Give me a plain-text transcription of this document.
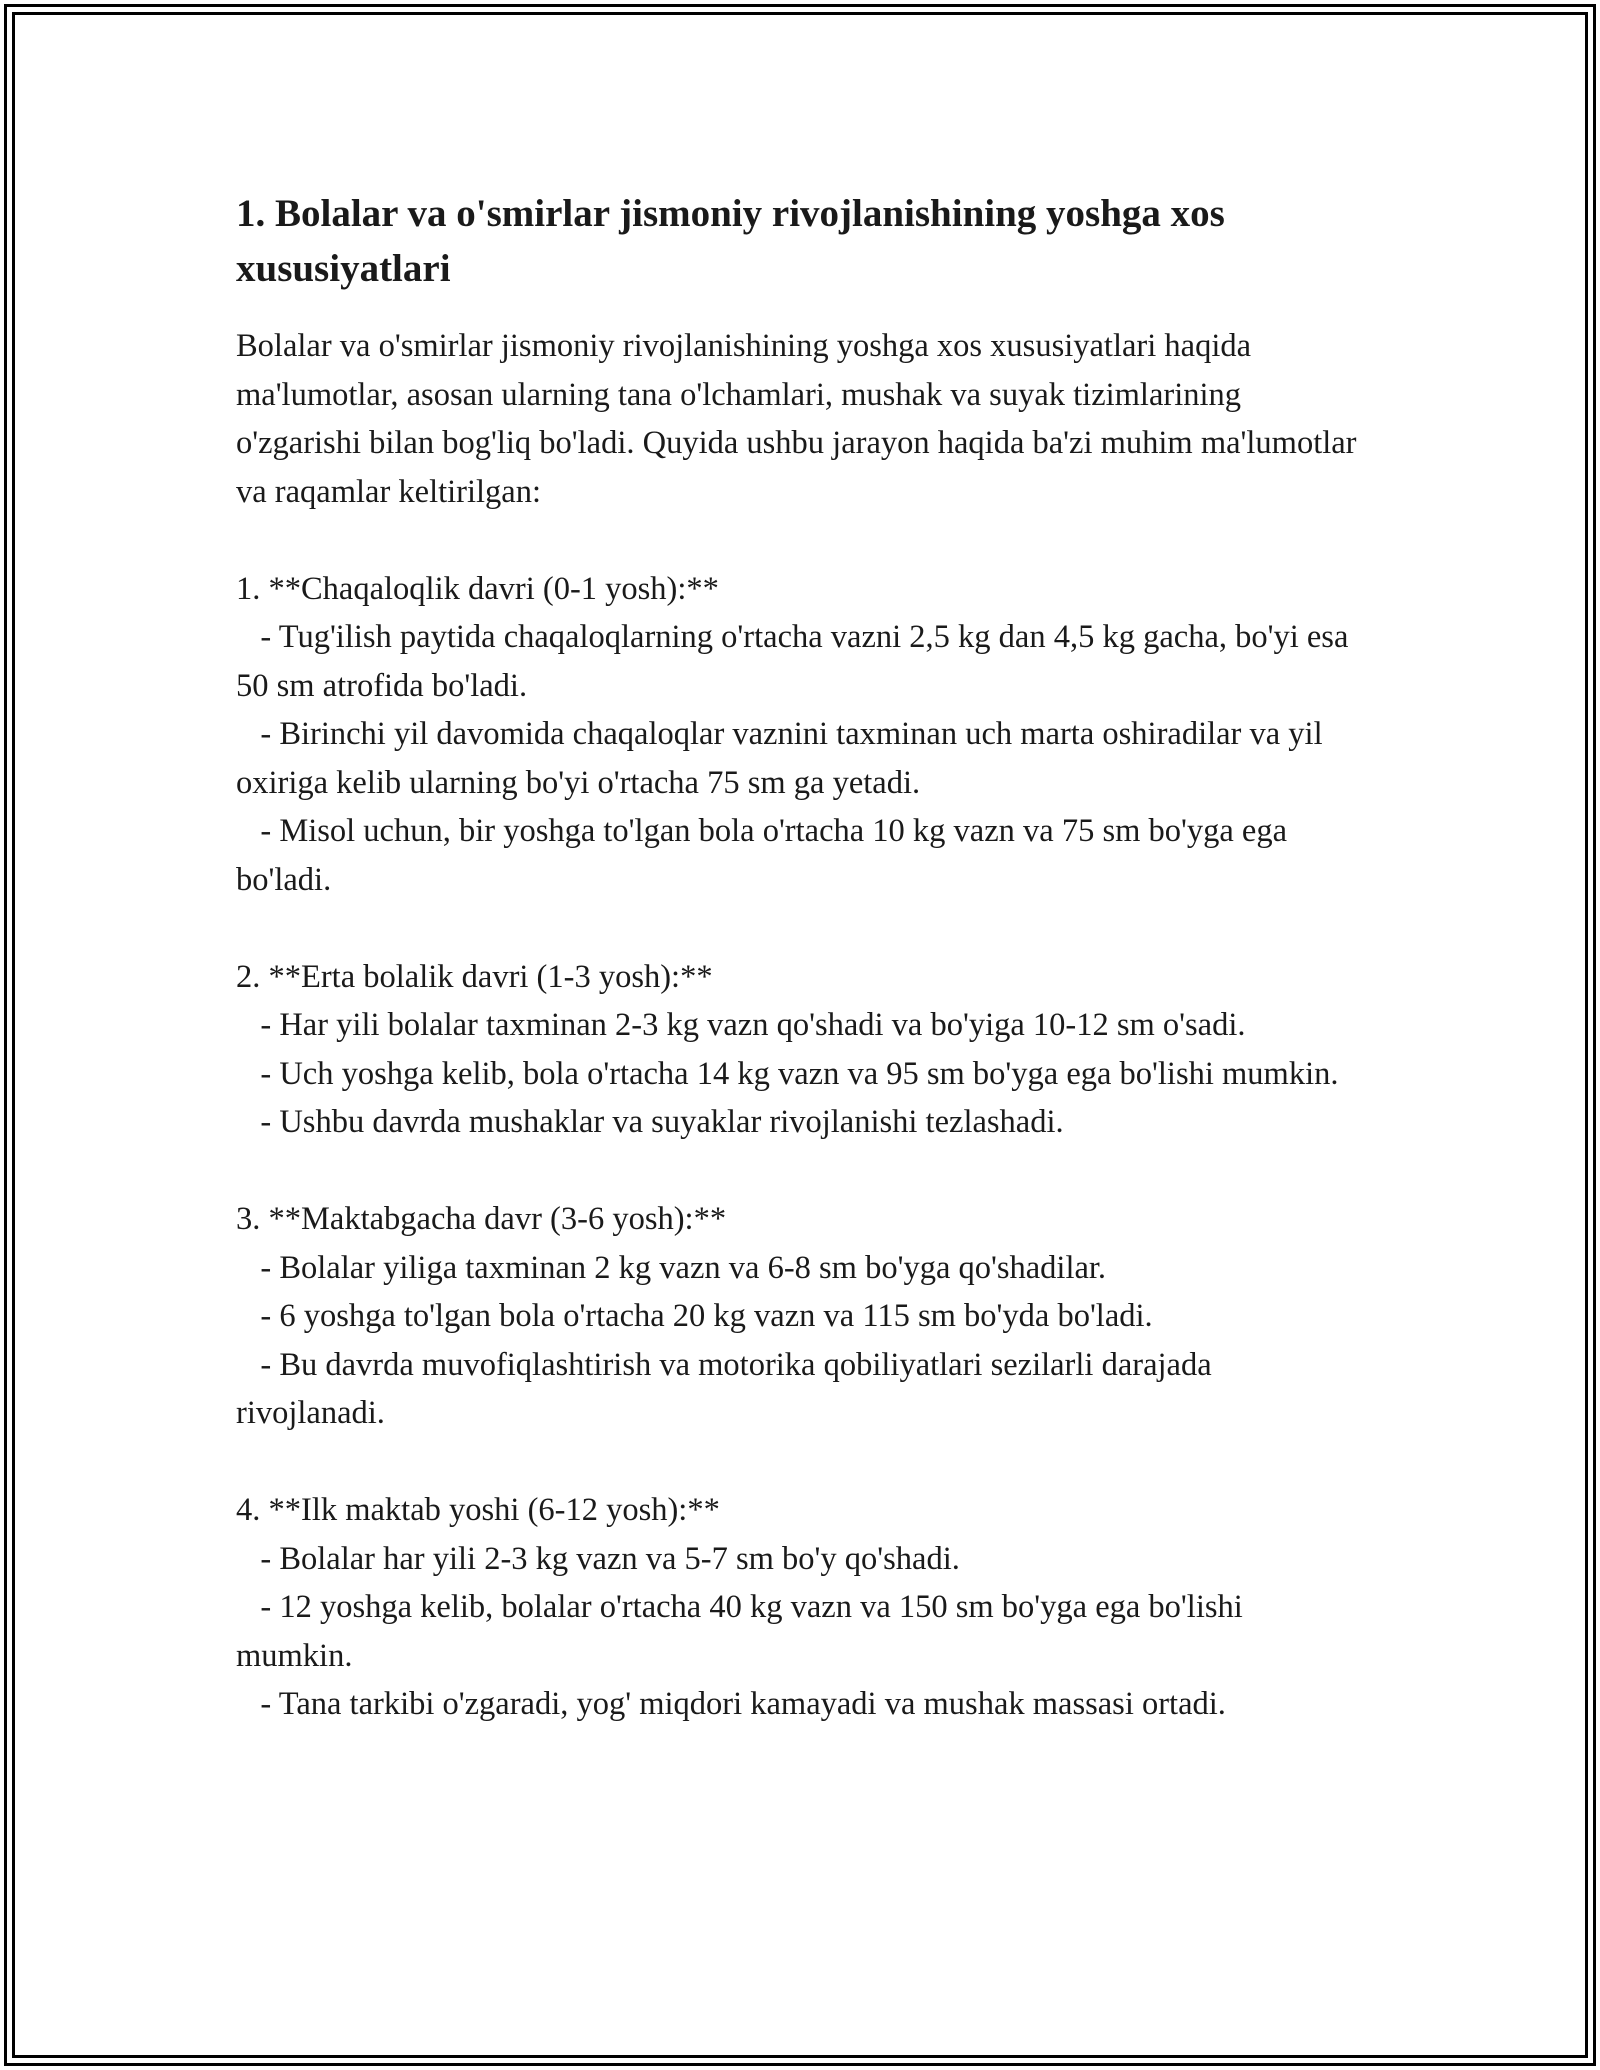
1. Bolalar va o'smirlar jismoniy rivojlanishining yoshga xos xususiyatlari
Bolalar va o'smirlar jismoniy rivojlanishining yoshga xos xususiyatlari haqida ma'lumotlar, asosan ularning tana o'lchamlari, mushak va suyak tizimlarining o'zgarishi bilan bog'liq bo'ladi. Quyida ushbu jarayon haqida ba'zi muhim ma'lumotlar va raqamlar keltirilgan:

1. **Chaqaloqlik davri (0-1 yosh):**
- Tug'ilish paytida chaqaloqlarning o'rtacha vazni 2,5 kg dan 4,5 kg gacha, bo'yi esa 50 sm atrofida bo'ladi.
- Birinchi yil davomida chaqaloqlar vaznini taxminan uch marta oshiradilar va yil oxiriga kelib ularning bo'yi o'rtacha 75 sm ga yetadi.
- Misol uchun, bir yoshga to'lgan bola o'rtacha 10 kg vazn va 75 sm bo'yga ega bo'ladi.

2. **Erta bolalik davri (1-3 yosh):**
- Har yili bolalar taxminan 2-3 kg vazn qo'shadi va bo'yiga 10-12 sm o'sadi.
- Uch yoshga kelib, bola o'rtacha 14 kg vazn va 95 sm bo'yga ega bo'lishi mumkin.
- Ushbu davrda mushaklar va suyaklar rivojlanishi tezlashadi.

3. **Maktabgacha davr (3-6 yosh):**
- Bolalar yiliga taxminan 2 kg vazn va 6-8 sm bo'yga qo'shadilar.
- 6 yoshga to'lgan bola o'rtacha 20 kg vazn va 115 sm bo'yda bo'ladi.
- Bu davrda muvofiqlashtirish va motorika qobiliyatlari sezilarli darajada rivojlanadi.

4. **Ilk maktab yoshi (6-12 yosh):**
- Bolalar har yili 2-3 kg vazn va 5-7 sm bo'y qo'shadi.
- 12 yoshga kelib, bolalar o'rtacha 40 kg vazn va 150 sm bo'yga ega bo'lishi mumkin.
- Tana tarkibi o'zgaradi, yog' miqdori kamayadi va mushak massasi ortadi.
